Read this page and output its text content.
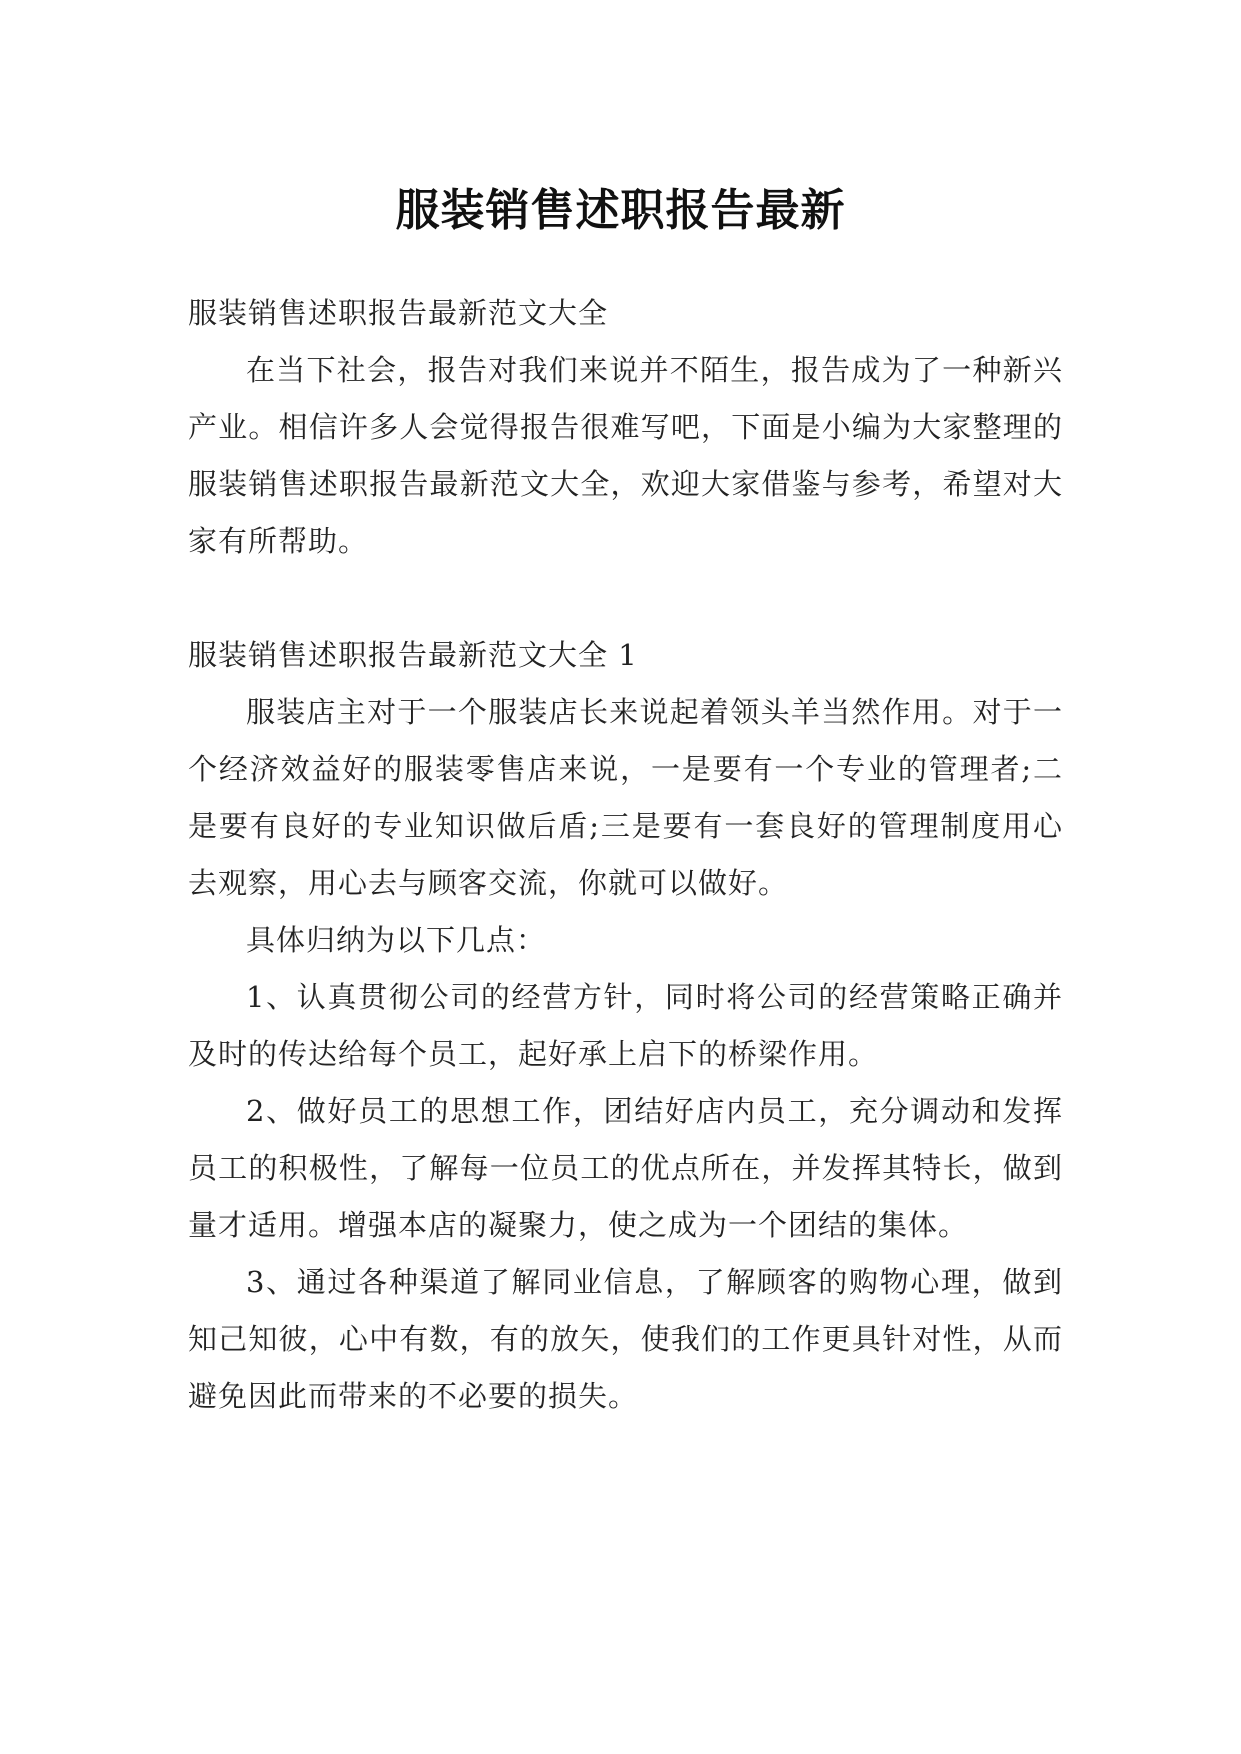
服装销售述职报告最新

服装销售述职报告最新范文大全

在当下社会，报告对我们来说并不陌生，报告成为了一种新兴产业。相信许多人会觉得报告很难写吧，下面是小编为大家整理的服装销售述职报告最新范文大全，欢迎大家借鉴与参考，希望对大家有所帮助。

服装销售述职报告最新范文大全 1

服装店主对于一个服装店长来说起着领头羊当然作用。对于一个经济效益好的服装零售店来说，一是要有一个专业的管理者;二是要有良好的专业知识做后盾;三是要有一套良好的管理制度用心去观察，用心去与顾客交流，你就可以做好。

具体归纳为以下几点：

1、认真贯彻公司的经营方针，同时将公司的经营策略正确并及时的传达给每个员工，起好承上启下的桥梁作用。

2、做好员工的思想工作，团结好店内员工，充分调动和发挥员工的积极性，了解每一位员工的优点所在，并发挥其特长，做到量才适用。增强本店的凝聚力，使之成为一个团结的集体。

3、通过各种渠道了解同业信息，了解顾客的购物心理，做到知己知彼，心中有数，有的放矢，使我们的工作更具针对性，从而避免因此而带来的不必要的损失。
